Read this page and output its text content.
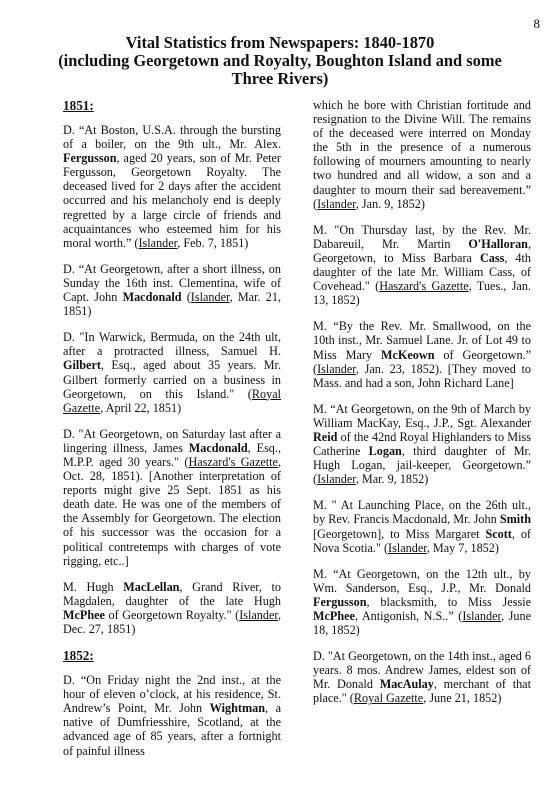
8
Vital Statistics from Newspapers: 1840-1870
(including Georgetown and Royalty, Boughton Island and some
Three Rivers)
1851:

D. “At Boston, U.S.A. through the bursting of a boiler, on the 9th ult., Mr. Alex. Fergusson, aged 20 years, son of Mr. Peter Fergusson, Georgetown Royalty. The deceased lived for 2 days after the accident occurred and his melancholy end is deeply regretted by a large circle of friends and acquaintances who esteemed him for his moral worth.” (Islander, Feb. 7, 1851)

D. “At Georgetown, after a short illness, on Sunday the 16th inst. Clementina, wife of Capt. John Macdonald (Islander, Mar. 21, 1851)

D. "In Warwick, Bermuda, on the 24th ult, after a protracted illness, Samuel H. Gilbert, Esq., aged about 35 years. Mr. Gilbert formerly carried on a business in Georgetown, on this Island." (Royal Gazette, April 22, 1851)

D. "At Georgetown, on Saturday last after a lingering illness, James Macdonald, Esq., M.P.P. aged 30 years." (Haszard's Gazette, Oct. 28, 1851). [Another interpretation of reports might give 25 Sept. 1851 as his death date. He was one of the members of the Assembly for Georgetown. The election of his successor was the occasion for a political contretemps with charges of vote rigging, etc..]

M. Hugh MacLellan, Grand River, to Magdalen, daughter of the late Hugh McPhee of Georgetown Royalty." (Islander, Dec. 27, 1851)

1852:

D. “On Friday night the 2nd inst., at the hour of eleven o’clock, at his residence, St. Andrew’s Point, Mr. John Wightman, a native of Dumfriesshire, Scotland, at the advanced age of 85 years, after a fortnight of painful illness

which he bore with Christian fortitude and resignation to the Divine Will. The remains of the deceased were interred on Monday the 5th in the presence of a numerous following of mourners amounting to nearly two hundred and all widow, a son and a daughter to mourn their sad bereavement.” (Islander, Jan. 9, 1852)

M. "On Thursday last, by the Rev. Mr. Dabareuil, Mr. Martin O'Halloran, Georgetown, to Miss Barbara Cass, 4th daughter of the late Mr. William Cass, of Covehead." (Haszard's Gazette, Tues., Jan. 13, 1852)

M. “By the Rev. Mr. Smallwood, on the 10th inst., Mr. Samuel Lane. Jr. of Lot 49 to Miss Mary McKeown of Georgetown.” (Islander, Jan. 23, 1852). [They moved to Mass. and had a son, John Richard Lane]

M. “At Georgetown, on the 9th of March by William MacKay, Esq., J.P., Sgt. Alexander Reid of the 42nd Royal Highlanders to Miss Catherine Logan, third daughter of Mr. Hugh Logan, jail-keeper, Georgetown.” (Islander, Mar. 9, 1852)

M. " At Launching Place, on the 26th ult., by Rev. Francis Macdonald, Mr. John Smith [Georgetown], to Miss Margaret Scott, of Nova Scotia." (Islander, May 7, 1852)

M. “At Georgetown, on the 12th ult., by Wm. Sanderson, Esq., J.P., Mr. Donald Fergusson, blacksmith, to Miss Jessie McPhee, Antigonish, N.S..” (Islander, June 18, 1852)

D. "At Georgetown, on the 14th inst., aged 6 years. 8 mos. Andrew James, eldest son of Mr. Donald MacAulay, merchant of that place." (Royal Gazette, June 21, 1852)
